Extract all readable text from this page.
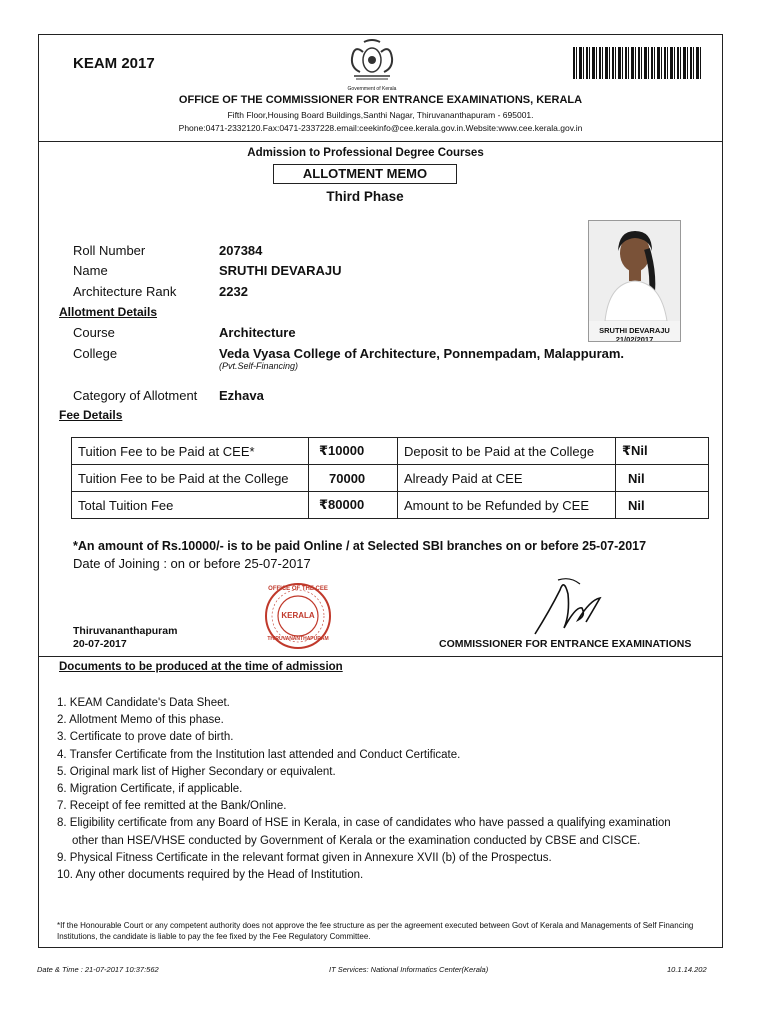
KEAM 2017
Government of Kerala
OFFICE OF THE COMMISSIONER FOR ENTRANCE EXAMINATIONS, KERALA
Fifth Floor,Housing Board Buildings,Santhi Nagar, Thiruvananthapuram - 695001.
Phone:0471-2332120.Fax:0471-2337228.email:ceekinfo@cee.kerala.gov.in.Website:www.cee.kerala.gov.in
Admission to Professional Degree Courses
ALLOTMENT MEMO
Third Phase
Roll Number	207384
Name	SRUTHI DEVARAJU
Architecture Rank	2232
SRUTHI DEVARAJU
21/02/2017
Allotment Details
Course	Architecture
College	Veda Vyasa College of Architecture, Ponnempadam, Malappuram.
(Pvt.Self-Financing)
Category of Allotment Ezhava
Fee Details
Tuition Fee to be Paid at CEE*	₹10000	Deposit to be Paid at the College	₹Nil
Tuition Fee to be Paid at the College	70000	Already Paid at CEE	Nil
Total Tuition Fee	₹80000	Amount to be Refunded by CEE	Nil
*An amount of Rs.10000/- is to be paid Online / at Selected SBI branches on or before 25-07-2017
Date of Joining : on or before 25-07-2017
OFFICE OF THE CEE
KERALA
THIRUVANANTHAPURAM
Thiruvananthapuram
20-07-2017	COMMISSIONER FOR ENTRANCE EXAMINATIONS
Documents to be produced at the time of admission
1. KEAM Candidate's Data Sheet.
2. Allotment Memo of this phase.
3. Certificate to prove date of birth.
4. Transfer Certificate from the Institution last attended and Conduct Certificate.
5. Original mark list of Higher Secondary or equivalent.
6. Migration Certificate, if applicable.
7. Receipt of fee remitted at the Bank/Online.
8. Eligibility certificate from any Board of HSE in Kerala, in case of candidates who have passed a qualifying examination
other than HSE/VHSE conducted by Government of Kerala or the examination conducted by CBSE and CISCE.
9. Physical Fitness Certificate in the relevant format given in Annexure XVII (b) of the Prospectus.
10. Any other documents required by the Head of Institution.
*If the Honourable Court or any competent authority does not approve the fee structure as per the agreement executed between Govt of Kerala and Managements of Self Financing Institutions, the candidate is liable to pay the fee fixed by the Fee Regulatory Committee.
Date & Time : 21-07-2017 10:37:562	IT Services: National Informatics Center(Kerala)	10.1.14.202
